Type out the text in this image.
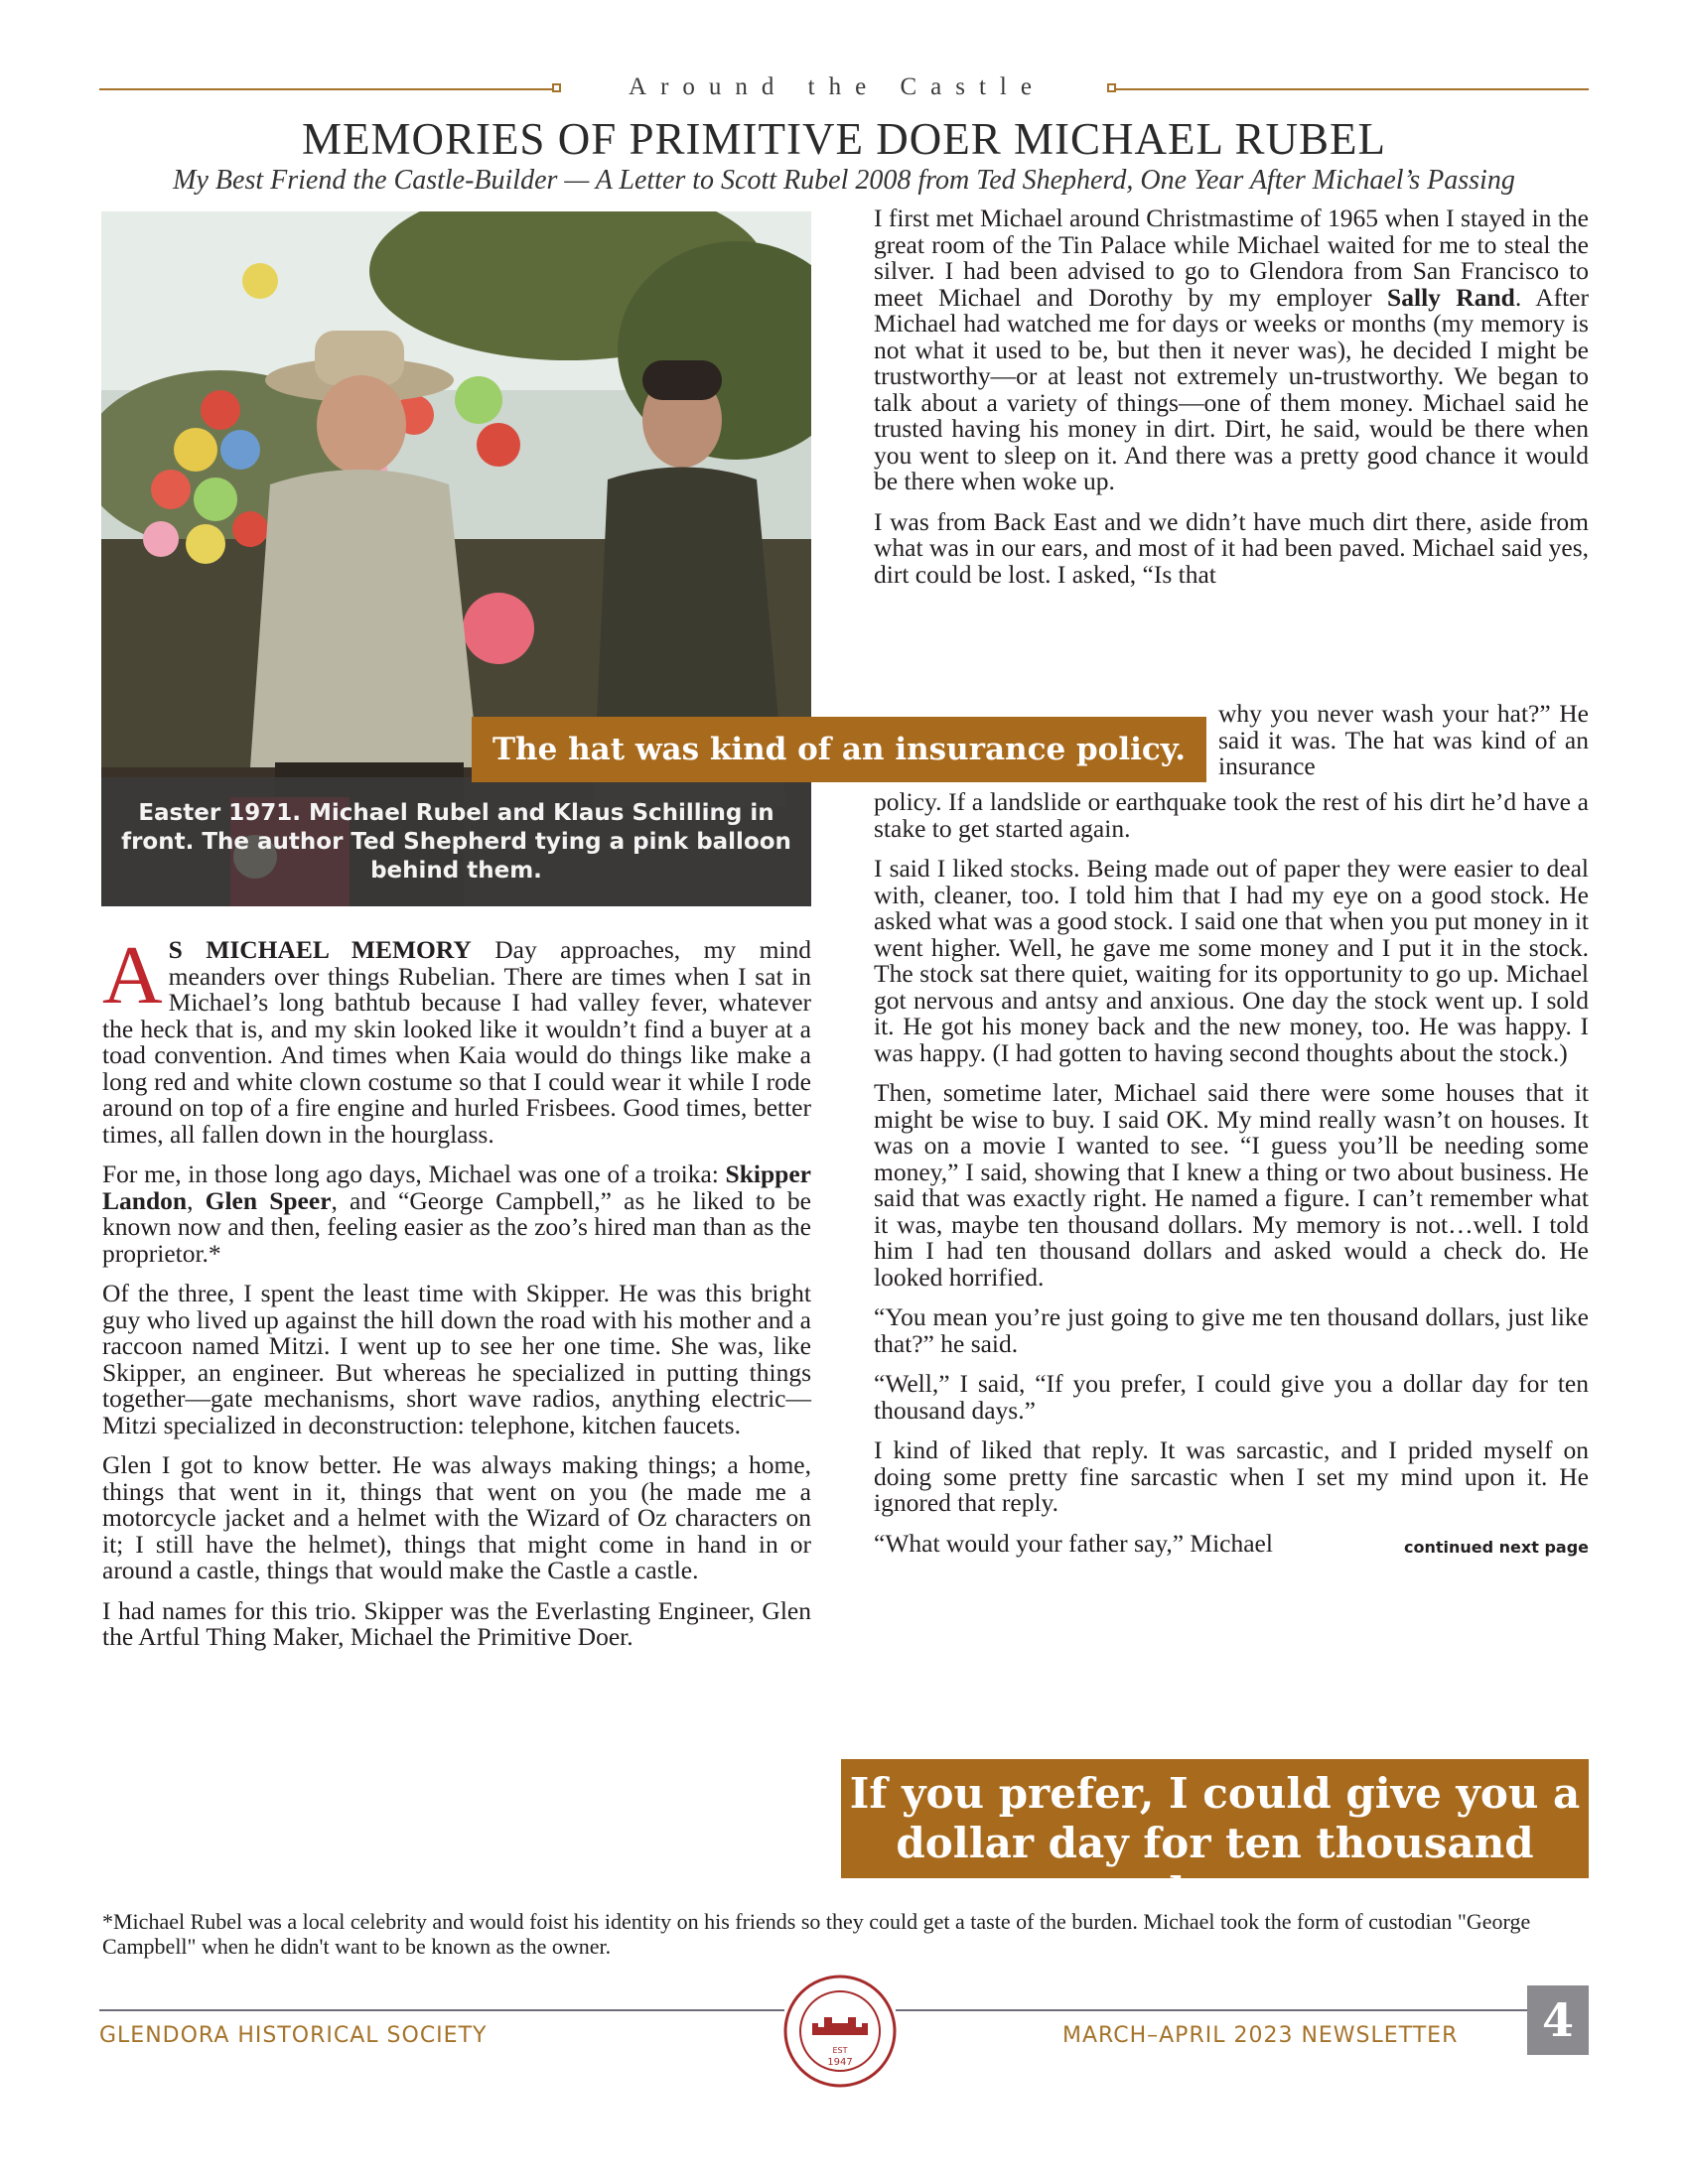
Around the Castle
MEMORIES OF PRIMITIVE DOER MICHAEL RUBEL
My Best Friend the Castle-Builder — A Letter to Scott Rubel 2008 from Ted Shepherd, One Year After Michael’s Passing
Easter 1971. Michael Rubel and Klaus Schilling in front. The author Ted Shepherd tying a pink balloon behind them.

A S MICHAEL MEMORY Day approaches, my mind meanders over things Rubelian. There are times when I sat in Michael’s long bathtub because I had valley fever, whatever the heck that is, and my skin looked like it wouldn’t find a buyer at a toad convention. And times when Kaia would do things like make a long red and white clown costume so that I could wear it while I rode around on top of a fire engine and hurled Frisbees. Good times, better times, all fallen down in the hourglass.

For me, in those long ago days, Michael was one of a troika: Skipper Landon, Glen Speer, and “George Campbell,” as he liked to be known now and then, feeling easier as the zoo’s hired man than as the proprietor.*

Of the three, I spent the least time with Skipper. He was this bright guy who lived up against the hill down the road with his mother and a raccoon named Mitzi. I went up to see her one time. She was, like Skipper, an engineer. But whereas he specialized in putting things together—gate mechanisms, short wave radios, anything electric—Mitzi specialized in deconstruction: telephone, kitchen faucets.

Glen I got to know better. He was always making things; a home, things that went in it, things that went on you (he made me a motorcycle jacket and a helmet with the Wizard of Oz characters on it; I still have the helmet), things that might come in hand in or around a castle, things that would make the Castle a castle.

I had names for this trio. Skipper was the Everlasting Engineer, Glen the Artful Thing Maker, Michael the Primitive Doer.

I first met Michael around Christmastime of 1965 when I stayed in the great room of the Tin Palace while Michael waited for me to steal the silver. I had been advised to go to Glendora from San Francisco to meet Michael and Dorothy by my employer Sally Rand. After Michael had watched me for days or weeks or months (my memory is not what it used to be, but then it never was), he decided I might be trustworthy—or at least not extremely un-trustworthy. We began to talk about a variety of things—one of them money. Michael said he trusted having his money in dirt. Dirt, he said, would be there when you went to sleep on it. And there was a pretty good chance it would be there when woke up.

I was from Back East and we didn’t have much dirt there, aside from what was in our ears, and most of it had been paved. Michael said yes, dirt could be lost. I asked, “Is that

why you never wash your hat?” He said it was. The hat was kind of an insurance

policy. If a landslide or earthquake took the rest of his dirt he’d have a stake to get started again.

I said I liked stocks. Being made out of paper they were easier to deal with, cleaner, too. I told him that I had my eye on a good stock. He asked what was a good stock. I said one that when you put money in it went higher. Well, he gave me some money and I put it in the stock. The stock sat there quiet, waiting for its opportunity to go up. Michael got nervous and antsy and anxious. One day the stock went up. I sold it. He got his money back and the new money, too. He was happy. I was happy. (I had gotten to having second thoughts about the stock.)

Then, sometime later, Michael said there were some houses that it might be wise to buy. I said OK. My mind really wasn’t on houses. It was on a movie I wanted to see. “I guess you’ll be needing some money,” I said, showing that I knew a thing or two about business. He said that was exactly right. He named a figure. I can’t remember what it was, maybe ten thousand dollars. My memory is not…well. I told him I had ten thousand dollars and asked would a check do. He looked horrified.

“You mean you’re just going to give me ten thousand dollars, just like that?” he said.

“Well,” I said, “If you prefer, I could give you a dollar day for ten thousand days.”

I kind of liked that reply. It was sarcastic, and I prided myself on doing some pretty fine sarcastic when I set my mind upon it. He ignored that reply.

“What would your father say,” Michael	continued next page

The hat was kind of an insurance policy.
If you prefer, I could give you a dollar day for ten thousand days.
*Michael Rubel was a local celebrity and would foist his identity on his friends so they could get a taste of the burden. Michael took the form of custodian "George Campbell" when he didn't want to be known as the owner.
GLENDORA HISTORICAL SOCIETY
EST
1947
MARCH–APRIL 2023 NEWSLETTER	4
